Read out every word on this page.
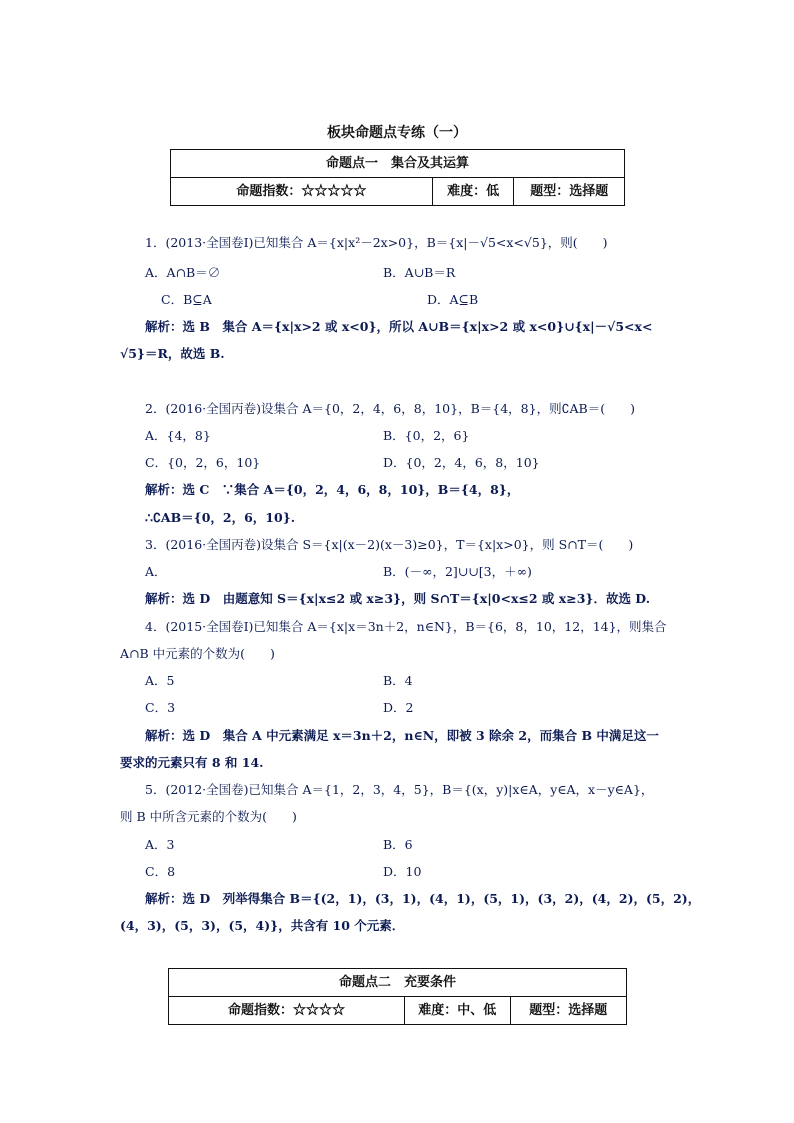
板块命题点专练（一）
命题点一　集合及其运算
命题指数：☆☆☆☆☆	难度：低	题型：选择题
1．(2013·全国卷Ⅰ)已知集合 A＝{x|x²－2x>0}，B＝{x|－√5<x<√5}，则(　　)
A．A∩B＝∅	B．A∪B＝R
C．B⊆A	D．A⊆B
解析：选 B　集合 A＝{x|x>2 或 x<0}，所以 A∪B＝{x|x>2 或 x<0}∪{x|－√5<x<
√5}＝R，故选 B.
2．(2016·全国丙卷)设集合 A＝{0，2，4，6，8，10}，B＝{4，8}，则∁AB＝(　　)
A．{4，8}	B．{0，2，6}
C．{0，2，6，10}	D．{0，2，4，6，8，10}
解析：选 C　∵集合 A＝{0，2，4，6，8，10}，B＝{4，8}，
∴∁AB＝{0，2，6，10}.
3．(2016·全国丙卷)设集合 S＝{x|(x－2)(x－3)≥0}，T＝{x|x>0}，则 S∩T＝(　　)
A．	B．(－∞，2]∪∪[3，＋∞)
解析：选 D　由题意知 S＝{x|x≤2 或 x≥3}，则 S∩T＝{x|0<x≤2 或 x≥3}．故选 D.
4．(2015·全国卷Ⅰ)已知集合 A＝{x|x＝3n＋2，n∈N}，B＝{6，8，10，12，14}，则集合
A∩B 中元素的个数为(　　)
A．5	B．4
C．3	D．2
解析：选 D　集合 A 中元素满足 x＝3n＋2，n∈N，即被 3 除余 2，而集合 B 中满足这一
要求的元素只有 8 和 14.
5．(2012·全国卷)已知集合 A＝{1，2，3，4，5}，B＝{(x，y)|x∈A，y∈A，x－y∈A}，
则 B 中所含元素的个数为(　　)
A．3	B．6
C．8	D．10
解析：选 D　列举得集合 B＝{(2，1)，(3，1)，(4，1)，(5，1)，(3，2)，(4，2)，(5，2)，
(4，3)，(5，3)，(5，4)}，共含有 10 个元素．
命题点二　充要条件
命题指数：☆☆☆☆	难度：中、低	题型：选择题
